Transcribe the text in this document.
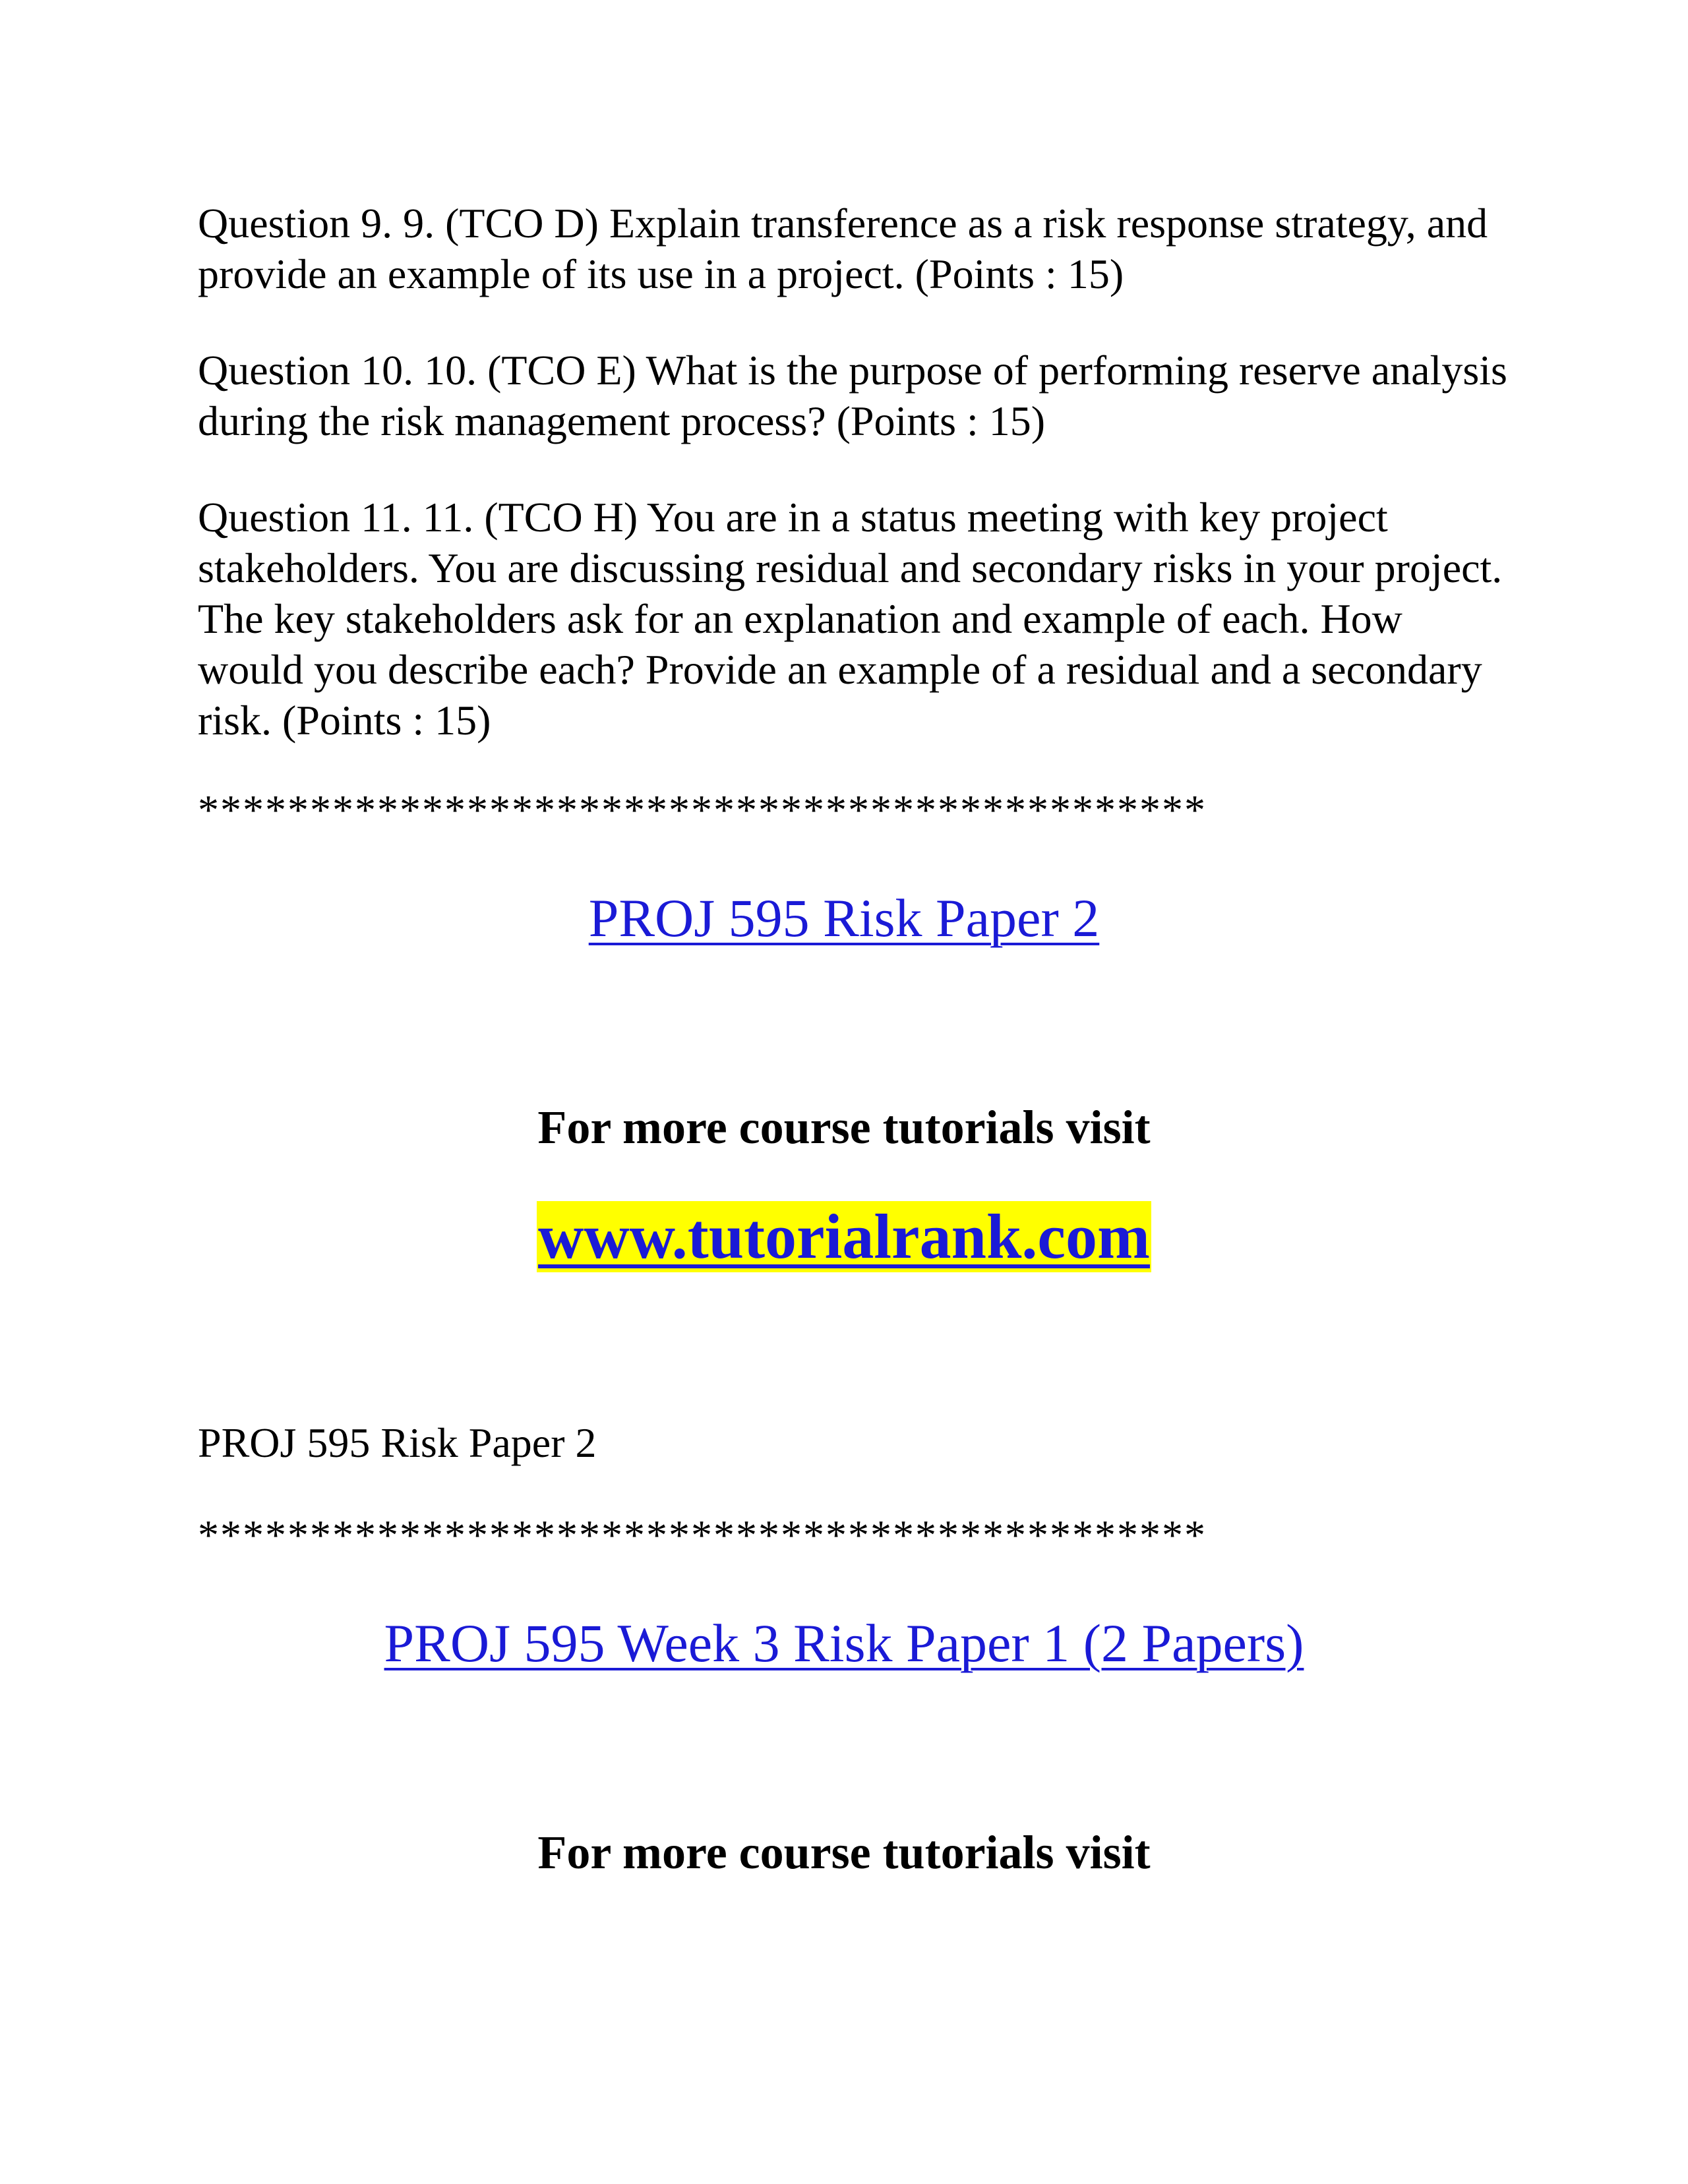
Question 9. 9. (TCO D) Explain transference as a risk response strategy, and provide an example of its use in a project. (Points : 15)

Question 10. 10. (TCO E) What is the purpose of performing reserve analysis during the risk management process? (Points : 15)

Question 11. 11. (TCO H) You are in a status meeting with key project stakeholders. You are discussing residual and secondary risks in your project. The key stakeholders ask for an explanation and example of each. How would you describe each? Provide an example of a residual and a secondary risk. (Points : 15)

*********************************************
PROJ 595 Risk Paper 2
For more course tutorials visit
www.tutorialrank.com
PROJ 595 Risk Paper 2
*********************************************
PROJ 595 Week 3 Risk Paper 1 (2 Papers)
For more course tutorials visit
